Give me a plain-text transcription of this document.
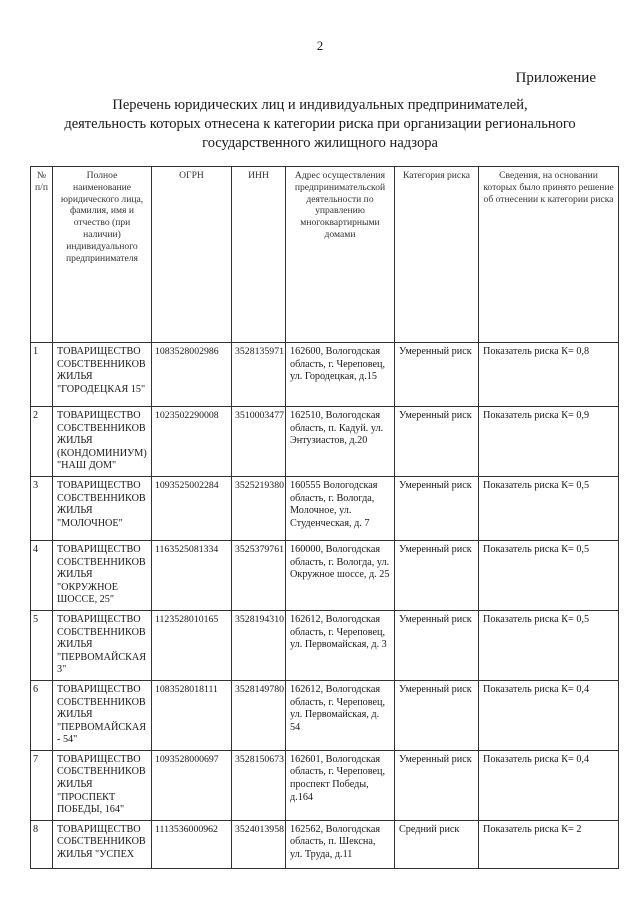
2
Приложение
Перечень юридических лиц и индивидуальных предпринимателей,
деятельность которых отнесена к категории риска при организации регионального
государственного жилищного надзора
№ п/п	Полное наименование юридического лица, фамилия, имя и отчество (при наличии) индивидуального предпринимателя	ОГРН	ИНН	Адрес осуществления предпринимательской деятельности по управлению многоквартирными домами	Категория риска	Сведения, на основании которых было принято решение об отнесении к категории риска
1	ТОВАРИЩЕСТВО СОБСТВЕННИКОВ ЖИЛЬЯ "ГОРОДЕЦКАЯ 15"	1083528002986	3528135971	162600, Вологодская область, г. Череповец, ул. Городецкая, д.15	Умеренный риск	Показатель риска К= 0,8
2	ТОВАРИЩЕСТВО СОБСТВЕННИКОВ ЖИЛЬЯ (КОНДОМИНИУМ) "НАШ ДОМ"	1023502290008	3510003477	162510, Вологодская область, п. Кадуй. ул. Энтузиастов, д.20	Умеренный риск	Показатель риска К= 0,9
3	ТОВАРИЩЕСТВО СОБСТВЕННИКОВ ЖИЛЬЯ "МОЛОЧНОЕ"	1093525002284	3525219380	160555 Вологодская область, г. Вологда, Молочное, ул. Студенческая, д. 7	Умеренный риск	Показатель риска К= 0,5
4	ТОВАРИЩЕСТВО СОБСТВЕННИКОВ ЖИЛЬЯ "ОКРУЖНОЕ ШОССЕ, 25"	1163525081334	3525379761	160000, Вологодская область, г. Вологда, ул. Окружное шоссе, д. 25	Умеренный риск	Показатель риска К= 0,5
5	ТОВАРИЩЕСТВО СОБСТВЕННИКОВ ЖИЛЬЯ "ПЕРВОМАЙСКАЯ 3"	1123528010165	3528194310	162612, Вологодская область, г. Череповец, ул. Первомайская, д. 3	Умеренный риск	Показатель риска К= 0,5
6	ТОВАРИЩЕСТВО СОБСТВЕННИКОВ ЖИЛЬЯ "ПЕРВОМАЙСКАЯ - 54"	1083528018111	3528149780	162612, Вологодская область, г. Череповец, ул. Первомайская, д. 54	Умеренный риск	Показатель риска К= 0,4
7	ТОВАРИЩЕСТВО СОБСТВЕННИКОВ ЖИЛЬЯ "ПРОСПЕКТ ПОБЕДЫ, 164"	1093528000697	3528150673	162601, Вологодская область, г. Череповец, проспект Победы, д.164	Умеренный риск	Показатель риска К= 0,4
8	ТОВАРИЩЕСТВО СОБСТВЕННИКОВ ЖИЛЬЯ "УСПЕХ	1113536000962	3524013958	162562, Вологодская область, п. Шексна, ул. Труда, д.11	Средний риск	Показатель риска К= 2
